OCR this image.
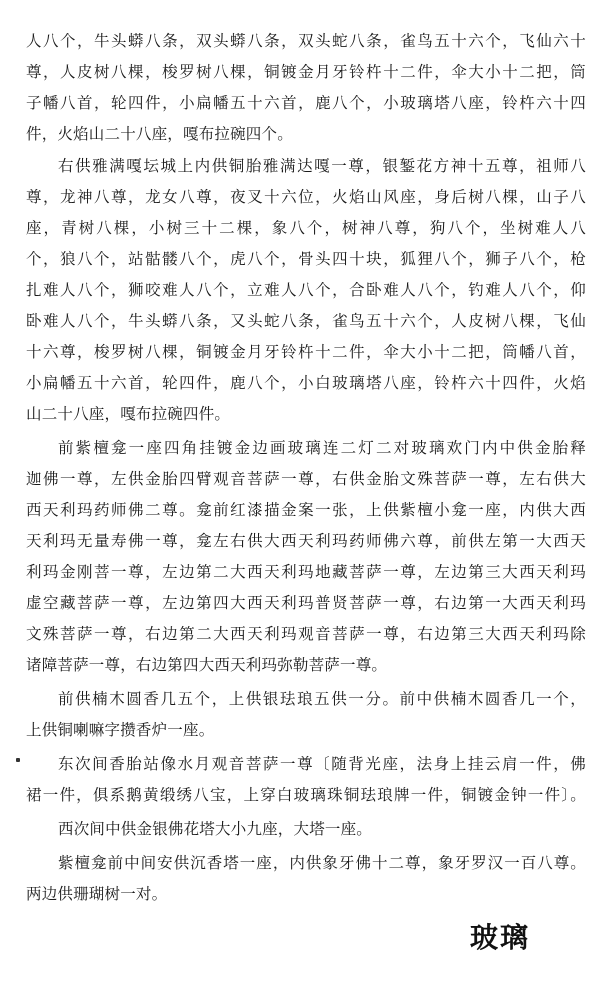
人八个，牛头蟒八条，双头蟒八条，双头蛇八条，雀鸟五十六个，飞仙六十
尊，人皮树八棵，梭罗树八棵，铜镀金月牙铃杵十二件，伞大小十二把，筒
子幡八首，轮四件，小扁幡五十六首，鹿八个，小玻璃塔八座，铃杵六十四
件，火焰山二十八座，嘎布拉碗四个。
右供雅满嘎坛城上内供铜胎雅满达嘎一尊，银錾花方神十五尊，祖师八
尊，龙神八尊，龙女八尊，夜叉十六位，火焰山风座，身后树八棵，山子八
座，青树八棵，小树三十二棵，象八个，树神八尊，狗八个，坐树难人八
个，狼八个，站骷髅八个，虎八个，骨头四十块，狐狸八个，狮子八个，枪
扎难人八个，狮咬难人八个，立难人八个，合卧难人八个，钓难人八个，仰
卧难人八个，牛头蟒八条，又头蛇八条，雀鸟五十六个，人皮树八棵，飞仙
十六尊，梭罗树八棵，铜镀金月牙铃杵十二件，伞大小十二把，筒幡八首，
小扁幡五十六首，轮四件，鹿八个，小白玻璃塔八座，铃杵六十四件，火焰
山二十八座，嘎布拉碗四件。
前紫檀龛一座四角挂镀金边画玻璃连二灯二对玻璃欢门内中供金胎释
迦佛一尊，左供金胎四臂观音菩萨一尊，右供金胎文殊菩萨一尊，左右供大
西天利玛药师佛二尊。龛前红漆描金案一张，上供紫檀小龛一座，内供大西
天利玛无量寿佛一尊，龛左右供大西天利玛药师佛六尊，前供左第一大西天
利玛金刚菩一尊，左边第二大西天利玛地藏菩萨一尊，左边第三大西天利玛
虚空藏菩萨一尊，左边第四大西天利玛普贤菩萨一尊，右边第一大西天利玛
文殊菩萨一尊，右边第二大西天利玛观音菩萨一尊，右边第三大西天利玛除
诸障菩萨一尊，右边第四大西天利玛弥勒菩萨一尊。
前供楠木圆香几五个，上供银珐琅五供一分。前中供楠木圆香几一个，
上供铜喇嘛字攒香炉一座。
东次间香胎站像水月观音菩萨一尊〔随背光座，法身上挂云肩一件，佛
裙一件，俱系鹅黄缎绣八宝，上穿白玻璃珠铜珐琅牌一件，铜镀金钟一件〕。
西次间中供金银佛花塔大小九座，大塔一座。
紫檀龛前中间安供沉香塔一座，内供象牙佛十二尊，象牙罗汉一百八尊。
两边供珊瑚树一对。
玻璃
